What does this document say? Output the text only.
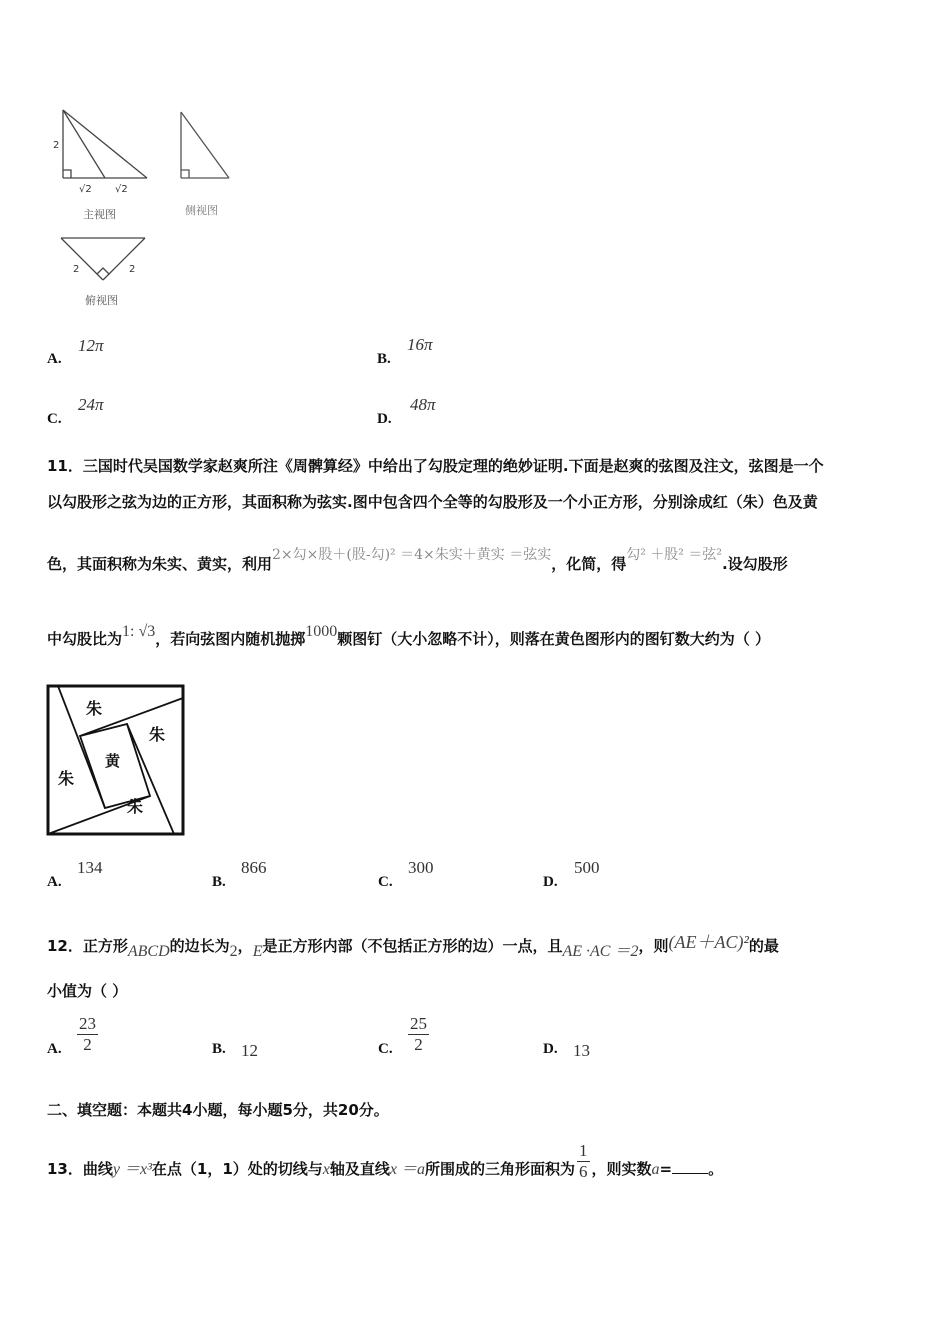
2
√2 √2
主视图	侧视图
2	2
俯视图
A.
12π
B.
16π
C.
24π
D.
48π
11．三国时代吴国数学家赵爽所注《周髀算经》中给出了勾股定理的绝妙证明.下面是赵爽的弦图及注文，弦图是一个
以勾股形之弦为边的正方形，其面积称为弦实.图中包含四个全等的勾股形及一个小正方形，分别涂成红（朱）色及黄
色，其面积称为朱实、黄实，利用2×勾×股＋(股-勾)² ＝4×朱实＋黄实 ＝弦实，化简，得勾² ＋股² ＝弦².设勾股形
中勾股比为1: √3，若向弦图内随机抛掷1000颗图钉（大小忽略不计），则落在黄色图形内的图钉数大约为（ ）
朱
朱
黄
朱
朱
A.
134
B.
866
C.
300
D.
500
12．正方形ABCD的边长为2，E是正方形内部（不包括正方形的边）一点，且AE ·AC ＝2，则(AE＋AC)²的最
小值为（ ）
A. $\frac{23}{2}$	B. 12	C. $\frac{25}{2}$	D. 13
二、填空题：本题共4小题，每小题5分，共20分。
13．曲线y ＝x³在点（1，1）处的切线与x轴及直线x ＝a所围成的三角形面积为 $\frac{1}{6}$ ，则实数a= 。
